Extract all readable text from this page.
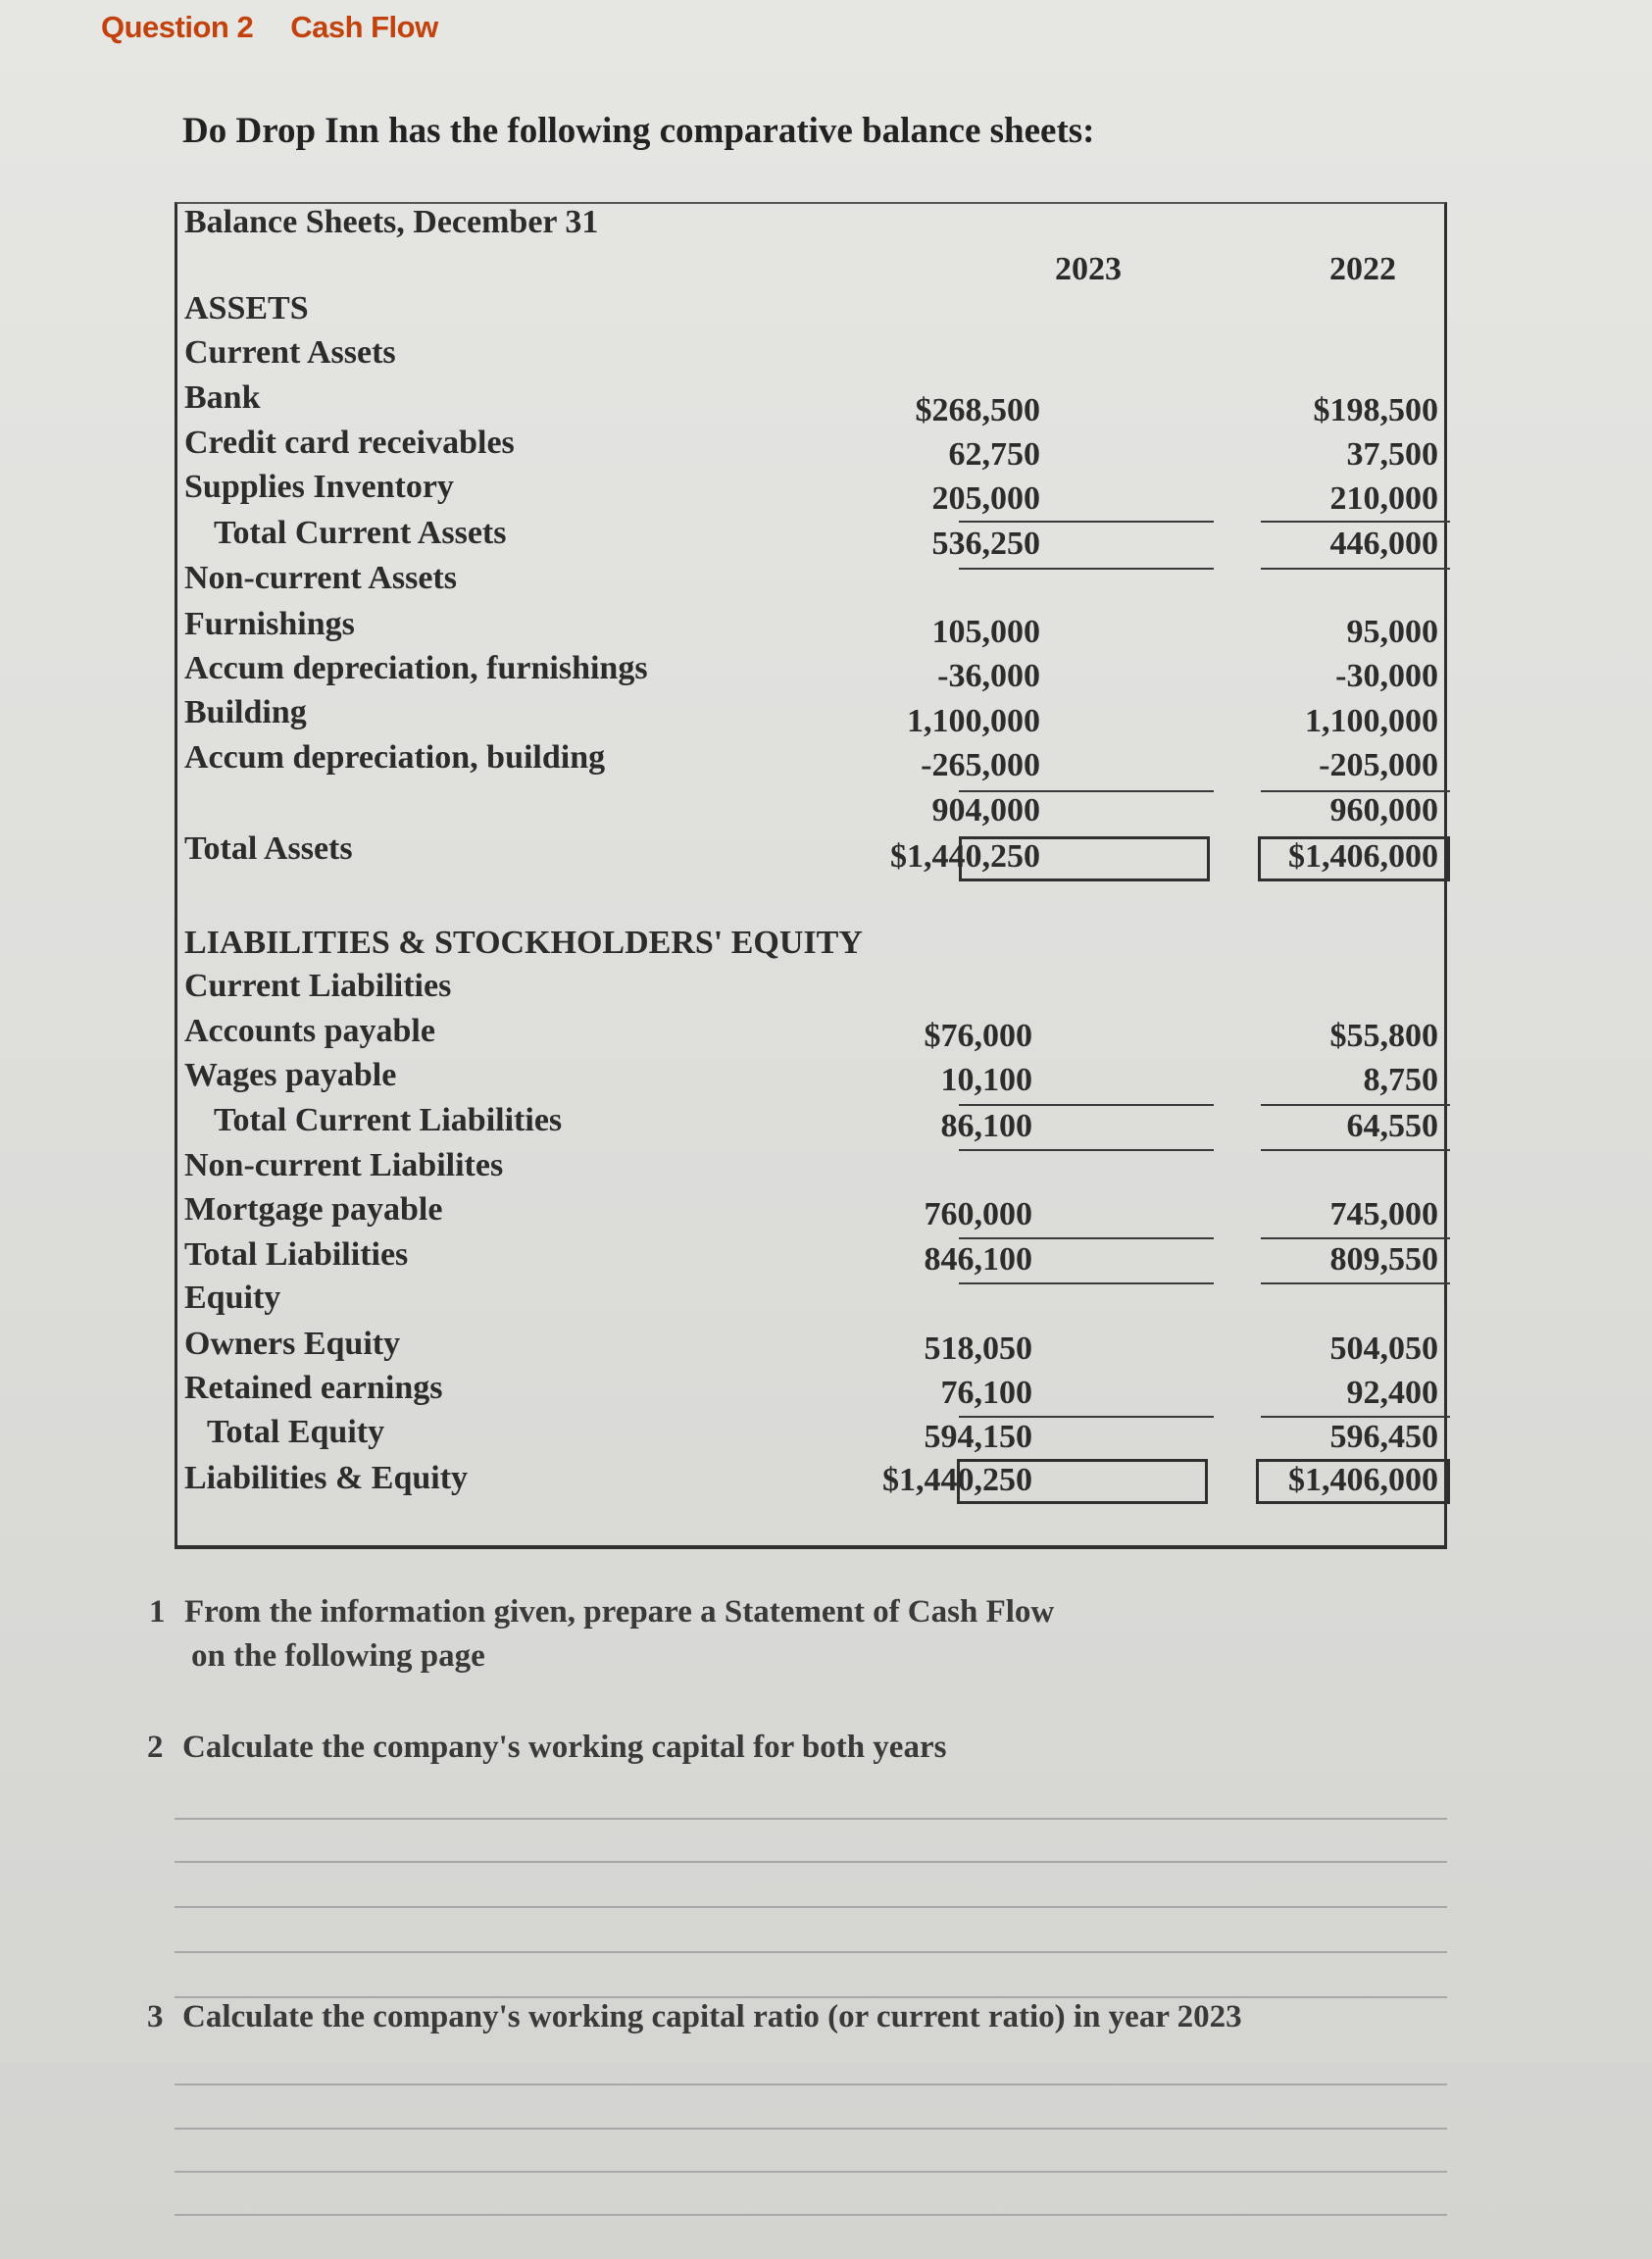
Question 2 Cash Flow
Do Drop Inn has the following comparative balance sheets:
Balance Sheets, December 31
2023	2022
ASSETS
Current Assets
Bank	$268,500	$198,500
Credit card receivables	62,750	37,500
Supplies Inventory	205,000	210,000
Total Current Assets	536,250	446,000
Non-current Assets
Furnishings	105,000	95,000
Accum depreciation, furnishings	-36,000	-30,000
Building	1,100,000	1,100,000
Accum depreciation, building	-265,000	-205,000
904,000	960,000
Total Assets	$1,440,250	$1,406,000
LIABILITIES & STOCKHOLDERS' EQUITY
Current Liabilities
Accounts payable	$76,000	$55,800
Wages payable	10,100	8,750
Total Current Liabilities	86,100	64,550
Non-current Liabilites
Mortgage payable	760,000	745,000
Total Liabilities	846,100	809,550
Equity
Owners Equity	518,050	504,050
Retained earnings	76,100	92,400
Total Equity	594,150	596,450
Liabilities & Equity	$1,440,250	$1,406,000
1 From the information given, prepare a Statement of Cash Flow
on the following page
2 Calculate the company's working capital for both years
3 Calculate the company's working capital ratio (or current ratio) in year 2023
